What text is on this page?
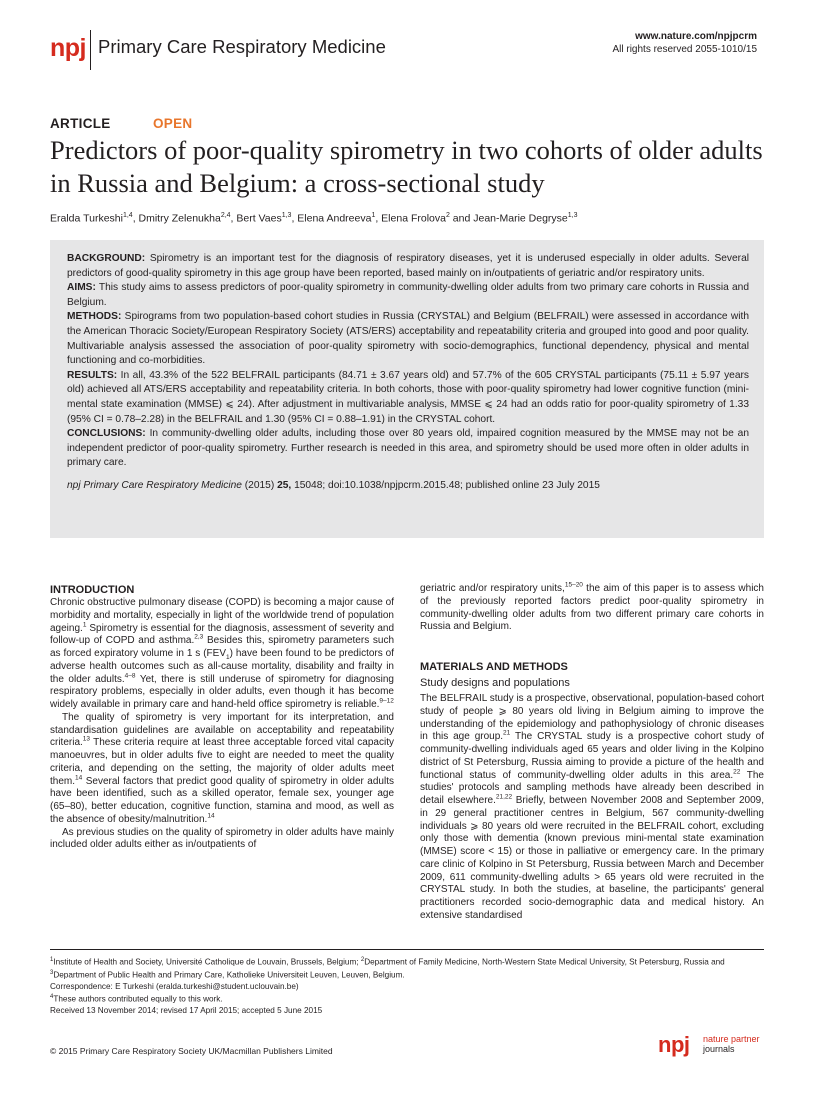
npj Primary Care Respiratory Medicine	www.nature.com/npjpcrm
All rights reserved 2055-1010/15
ARTICLE	OPEN
Predictors of poor-quality spirometry in two cohorts of older adults in Russia and Belgium: a cross-sectional study
Eralda Turkeshi$^{1,4}$, Dmitry Zelenukha$^{2,4}$, Bert Vaes$^{1,3}$, Elena Andreeva$^1$, Elena Frolova$^2$ and Jean-Marie Degryse$^{1,3}$

BACKGROUND: Spirometry is an important test for the diagnosis of respiratory diseases, yet it is underused especially in older adults. Several predictors of good-quality spirometry in this age group have been reported, based mainly on in/outpatients of geriatric and/or respiratory units.

AIMS: This study aims to assess predictors of poor-quality spirometry in community-dwelling older adults from two primary care cohorts in Russia and Belgium.

METHODS: Spirograms from two population-based cohort studies in Russia (CRYSTAL) and Belgium (BELFRAIL) were assessed in accordance with the American Thoracic Society/European Respiratory Society (ATS/ERS) acceptability and repeatability criteria and grouped into good and poor quality. Multivariable analysis assessed the association of poor-quality spirometry with socio-demographics, functional dependency, physical and mental functioning and co-morbidities.

RESULTS: In all, 43.3% of the 522 BELFRAIL participants (84.71 ± 3.67 years old) and 57.7% of the 605 CRYSTAL participants (75.11 ± 5.97 years old) achieved all ATS/ERS acceptability and repeatability criteria. In both cohorts, those with poor-quality spirometry had lower cognitive function (mini-mental state examination (MMSE) ⩽ 24). After adjustment in multivariable analysis, MMSE ⩽ 24 had an odds ratio for poor-quality spirometry of 1.33 (95% CI = 0.78–2.28) in the BELFRAIL and 1.30 (95% CI = 0.88–1.91) in the CRYSTAL cohort.

CONCLUSIONS: In community-dwelling older adults, including those over 80 years old, impaired cognition measured by the MMSE may not be an independent predictor of poor-quality spirometry. Further research is needed in this area, and spirometry should be used more often in older adults in primary care.

npj Primary Care Respiratory Medicine (2015) 25, 15048; doi:10.1038/npjpcrm.2015.48; published online 23 July 2015
INTRODUCTION

Chronic obstructive pulmonary disease (COPD) is becoming a major cause of morbidity and mortality, especially in light of the worldwide trend of population ageing.$^1$ Spirometry is essential for the diagnosis, assessment of severity and follow-up of COPD and asthma.$^{2,3}$ Besides this, spirometry parameters such as forced expiratory volume in 1 s $(FEV_1)$ have been found to be predictors of adverse health outcomes such as all-cause mortality, disability and frailty in the older adults.$^{4-8}$ Yet, there is still underuse of spirometry for diagnosing respiratory problems, especially in older adults, even though it has become widely available in primary care and hand-held office spirometry is reliable.$^{9-12}$

The quality of spirometry is very important for its interpretation, and standardisation guidelines are available on acceptability and repeatability criteria.$^{13}$ These criteria require at least three acceptable forced vital capacity manoeuvres, but in older adults five to eight are needed to meet the quality criteria, and depending on the setting, the majority of older adults meet them.$^{14}$ Several factors that predict good quality of spirometry in older adults have been identified, such as a skilled operator, female sex, younger age (65–80), better education, cognitive function, stamina and mood, as well as the absence of obesity/malnutrition.$^{14}$

As previous studies on the quality of spirometry in older adults have mainly included older adults either as in/outpatients of

geriatric and/or respiratory units,$^{15-20}$ the aim of this paper is to assess which of the previously reported factors predict poor-quality spirometry in community-dwelling older adults from two different primary care cohorts in Russia and Belgium.

MATERIALS AND METHODS
Study designs and populations

The BELFRAIL study is a prospective, observational, population-based cohort study of people ⩾ 80 years old living in Belgium aiming to improve the understanding of the epidemiology and pathophysiology of chronic diseases in this age group.$^{21}$ The CRYSTAL study is a prospective cohort study of community-dwelling individuals aged 65 years and older living in the Kolpino district of St Petersburg, Russia aiming to provide a picture of the health and functional status of community-dwelling older adults in this area.$^{22}$ The studies' protocols and sampling methods have already been described in detail elsewhere.$^{21,22}$ Briefly, between November 2008 and September 2009, in 29 general practitioner centres in Belgium, 567 community-dwelling individuals ⩾ 80 years old were recruited in the BELFRAIL cohort, excluding only those with dementia (known previous mini-mental state examination (MMSE) score < 15) or those in palliative or emergency care. In the primary care clinic of Kolpino in St Petersburg, Russia between March and December 2009, 611 community-dwelling adults > 65 years old were recruited in the CRYSTAL study. In both the studies, at baseline, the participants' general practitioners recorded socio-demographic data and medical history. An extensive standardised

$^1$Institute of Health and Society, Université Catholique de Louvain, Brussels, Belgium; $^2$Department of Family Medicine, North-Western State Medical University, St Petersburg, Russia and $^3$Department of Public Health and Primary Care, Katholieke Universiteit Leuven, Leuven, Belgium.

Correspondence: E Turkeshi (eralda.turkeshi@student.uclouvain.be)

$^4$These authors contributed equally to this work.

Received 13 November 2014; revised 17 April 2015; accepted 5 June 2015

© 2015 Primary Care Respiratory Society UK/Macmillan Publishers Limited	npj nature partner
journals
